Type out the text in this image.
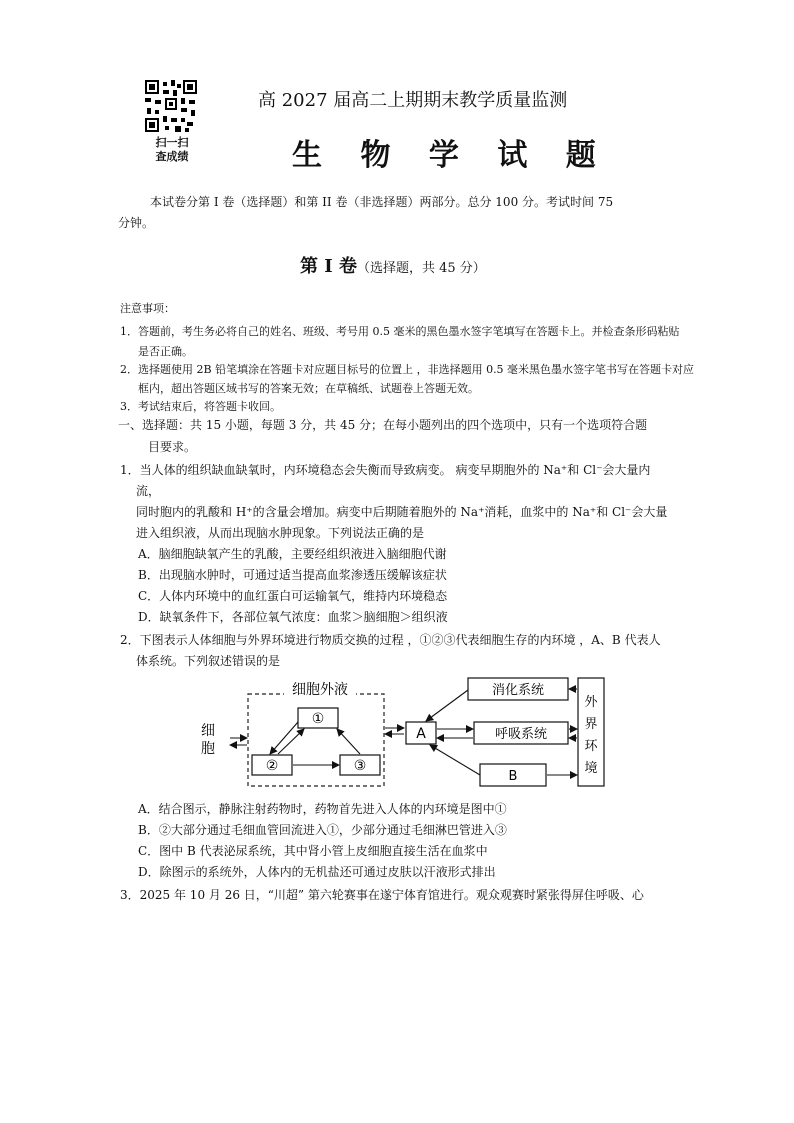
扫一扫
查成绩
高 2027 届高二上期期末教学质量监测
生 物 学 试 题
本试卷分第 I 卷（选择题）和第 II 卷（非选择题）两部分。总分 100 分。考试时间 75
分钟。
第 Ⅰ 卷（选择题，共 45 分）
注意事项：
1．答题前，考生务必将自己的姓名、班级、考号用 0.5 毫米的黑色墨水签字笔填写在答题卡上。并检查条形码粘贴
是否正确。
2．选择题使用 2B 铅笔填涂在答题卡对应题目标号的位置上 ，非选择题用 0.5 毫米黑色墨水签字笔书写在答题卡对应
框内，超出答题区域书写的答案无效；在草稿纸、试题卷上答题无效。
3．考试结束后，将答题卡收回。
一、选择题：共 15 小题，每题 3 分，共 45 分；在每小题列出的四个选项中，只有一个选项符合题
目要求。
1．当人体的组织缺血缺氧时，内环境稳态会失衡而导致病变。 病变早期胞外的 Na⁺和 Cl⁻会大量内
流，
同时胞内的乳酸和 H⁺的含量会增加。病变中后期随着胞外的 Na⁺消耗，血浆中的 Na⁺和 Cl⁻会大量
进入组织液，从而出现脑水肿现象。下列说法正确的是
A．脑细胞缺氧产生的乳酸，主要经组织液进入脑细胞代谢
B．出现脑水肿时，可通过适当提高血浆渗透压缓解该症状
C．人体内环境中的血红蛋白可运输氧气，维持内环境稳态
D．缺氧条件下，各部位氧气浓度：血浆＞脑细胞＞组织液
2．下图表示人体细胞与外界环境进行物质交换的过程 ，①②③代表细胞生存的内环境 ，A、B 代表人
体系统。下列叙述错误的是
细胞外液
细
胞
①
②	③
A
消化系统
呼吸系统
B
外界环境
A．结合图示，静脉注射药物时，药物首先进入人体的内环境是图中①
B．②大部分通过毛细血管回流进入①，少部分通过毛细淋巴管进入③
C．图中 B 代表泌尿系统，其中肾小管上皮细胞直接生活在血浆中
D．除图示的系统外，人体内的无机盐还可通过皮肤以汗液形式排出
3．2025 年 10 月 26 日，“川超” 第六轮赛事在遂宁体育馆进行。观众观赛时紧张得屏住呼吸、心
